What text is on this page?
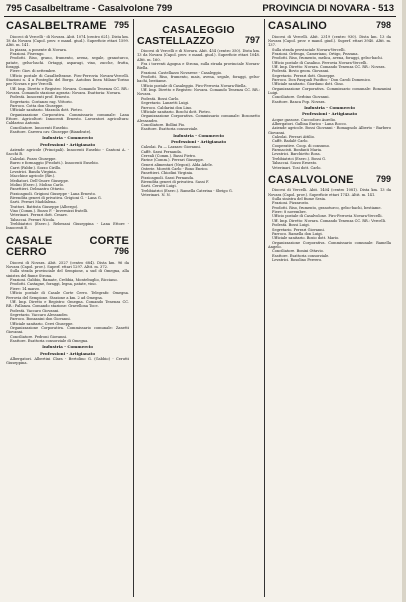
795 Casalbeltrame - Casalvolone 799	PROVINCIA DI NOVARA - 513
CASALBELTRAME 795

Dioceci di Vercelli - di Novara. Abit. 1074 (centro 621). Dista km. 18 da Novara (Capol. prov. e mand. giud.). Superficie ettari 1599. Altit. m. 141.

In piazza, a ponente di Novara.

Frazioni. Fisrengo.

Prodotti. Riso, grano, frumento, avena, segale, granoturco, patate, gelso-bachi. Ortaggi, asparagi, vino, zucche, frutta, foraggi.

Fiere: Giov. di settembre.

Ufficio postale di Casalbeltrame. Piro-Ferrovia Novara-Vercelli. Stazioni n. 4 a Ponteglio del Borgo. Autobus linea Milano-Torino per Novara e per Vercelli.

Uff. Imp. Diretto e Registro: Novara. Comando Tenenza CC. RR.: Novara. Comando stazione agraria: Novara. Esattoria: Novara.

Podestà. Innocenti prof. Ernesto.

Segretario. Costanzo rag. Vittorio.

Parroco. Cotta don Giuseppe.

Ufficiale sanitario. Mazzola dott. Pietro.

Organizzazione Corporativa. Commissario comunale: Lana Ettore. Agricoltori: Innocenti Ernesto. Lavoratori agricoltura: Caldarino Antonio.

Conciliatore. Innocenti Eusebio.

Esattore. Carrera cav. Giuseppe (Biandrate).

Industria - Commercio
Professioni - Artigianato

Aziende agricole (Principali). Innocenti Eusebio - Cantoni A. - Sacchi B.

Calzolai. Pozzo Giuseppe.

Burro e formaggio (Produtt.). Innocenti Eusebio.

Carri (Fabbr.). Sozzo Cirillo.

Levatrici. Banda Virginia.

Macchine agricole (Riv.).

Mediatori. Dell'Onore Giuseppe.

Molini (Eserc.). Molino Carlo.

Panettieri. Delmastro Ottavio.

Pizzicagnoli. Grigioni Giuseppe - Lana Ernesto.

Rivendita generi di privativa. Grigioni G. - Lana G.

Sarti. Ferrari Maddalena.

Trattori. Battista Giuseppe (Albergo).

Vino (Comm.). Bozzo F. - Invernizzi fratelli.

Veterinari. Ferrari dott. Cesare.

Tabaccai. Ferrari Nicola.

Trebbiatrici (Eserc.). Rebesani Giuseppina - Lana Ettore - Innocenti E.

CASALE CORTE CERRO	796

Diocesi di Novara. Abit. 2527 (centro 684). Dista km. 96 da Novara (Capol. prov.). Superf. ettari 1297. Altit. m. 372.

Sulla strada provinciale del Sempione, a sud di Omegna, alla sinistra del fiume Strona.

Frazioni. Gabbio, Ramate, Crebbia, Montebuglio, Ricciano.

Prodotti. Castagne, foraggi, legna, patate, vino.

Fiere: 14 marzo.

Ufficio postale di Casale Corte Cerro. Telegrafo: Omegna. Ferrovia del Sempione. Stazione a km. 2 ad Omegna.

Uff. Imp. Diretto e Registro: Omegna. Comando Tenenza CC. RR.: Pallanza. Comando stazione: Gravellona Toce.

Podestà. Vaccaro Giovanni.

Segretario. Vaccaro Alessandro.

Parroco. Bonzanini don Giovanni.

Ufficiale sanitario. Cerri Giuseppe.

Organizzazione Corporativa. Commissario comunale: Zanetti Giovanni.

Conciliatore. Pedroni Giovanni.

Esattore. Esattoria consorziale di Omegna.

Industria - Commercio
Professioni - Artigianato

Albergatori. Albertini Clara - Bertolino G. (Gabbio) - Cerutti Giuseppina.

CASALEGGIO
CASTELLAZZO	797

Diocesi di Vercelli e di Novara. Abit. 454 (centro 350). Dista km. 13 da Novara (Capol. prov. e mand. giud.). Superficie ettari 1048. Altit. m. 160.

Fra i torrenti Agogna e Strona, sulla strada provinciale Novara-Biella.

Frazioni. Castellazzo Novarese - Casaleggio.

Prodotti. Riso, frumento, mais, avena, segale, foraggi, gelso-bachi, bestiame.

Ufficio postale di Casaleggio. Piro-Ferrovia Novara-Biella.

Uff. Imp. Diretto e Registro: Novara. Comando Tenenza CC. RR.: Novara.

Podestà. Bossi Carlo.

Segretario. Lanzetti Luigi.

Parroco. Caldarini don Lino.

Ufficiale sanitario. Boschi dott. Pietro.

Organizzazione Corporativa. Commissario comunale: Bosonetto Alessandro.

Conciliatore. Bollini Pio.

Esattore. Esattoria consorziale.

Industria - Commercio
Professioni - Artigianato

Calzolai. Pa — Lazzaro Giovanni.

Caffè. Sassi Fernanda.

Cereali (Comm.). Bassi Pietro.

Farine (Comm.). Ferrari Giuseppe.

Generi alimentari (Negozi). Alda Adele.

Osterie. Morotti Carlo - Bono Enrico.

Panettieri. Chiodini Virginia.

Pizzicagnoli. Sassi Fernanda.

Rivendita generi di privativa. Sassi F.

Sarti. Cerutti Luigi.

Trebbiatrici (Eserc.). Ramella Caterina - Sbrigo G.

Veterinari. N. N.

CASALINO	798

Diocesi di Vercelli. Abit. 2319 (centro 930). Dista km. 13 da Novara (Capol. prov. e mand. giud.). Superf. ettari 3940. Altit. m. 137.

Sulla strada provinciale Novara-Vercelli.

Frazioni. Orfengo, Cameriano, Ortigo, Pezzana.

Prodotti. Riso, frumento, melica, avena, foraggi, gelso-bachi.

Ufficio postale di Casalino. Ferrovia Novara-Vercelli.

Uff. Imp. Diretto: Novara. Comando Tenenza CC. RR.: Novara.

Podestà. Bovio geom. Giovanni.

Segretario. Ferrari dott. Giuseppe.

Parroco. Don Pasquali Pacifico - Don Caroli Domenico.

Ufficiale sanitario. Giordano dott. Gino.

Organizzazione Corporativa. Commissario comunale: Bonzanini Luigi.

Conciliatore. Gerbino Giovanni.

Esattore. Banca Pop. Novara.

Industria - Commercio
Professioni - Artigianato

Acque gassose. Cuccodoro Aurelio.

Albergatori. Gallina Enrico - Lana Rocco.

Aziende agricole. Bossi Giovanni - Romagnolo Alberto - Barbero Giovanni.

Calzolai. Ferrari Attilio.

Caffè. Badalè Carlo.

Cooperative. Coop. di consumo.

Farmacisti. Bonfanti Maria.

Levatrici. Barchietto Rosa.

Trebbiatrici (Eserc.). Bossi G.

Tabaccai. Sozzo Ernesto.

Veterinari. Tosi dott. Carlo.

CASALVOLONE 799

Diocesi di Vercelli. Abit. 1404 (centro 1081). Dista km. 13 da Novara (Capol. prov.). Superficie ettari 1743. Altit. m. 141.

Sulla sinistra del fiume Sesia.

Frazioni. Pizzarosto.

Prodotti. Riso, frumento, granoturco, gelso-bachi, bestiame.

Fiere: 8 novembre.

Ufficio postale di Casalvolone. Piro-Ferrovia Novara-Vercelli.

Uff. Imp. Diretto: Novara. Comando Tenenza CC. RR.: Vercelli.

Podestà. Bossi Luigi.

Segretario. Ferrari Giovanni.

Parroco. Ramella don Luigi.

Ufficiale sanitario. Bosio dott. Mario.

Organizzazione Corporativa. Commissario comunale: Ramella Angelo.

Conciliatore. Bonini Ottavio.

Esattore. Esattoria consorziale.

Levatrici. Rosolino Ferrero.
